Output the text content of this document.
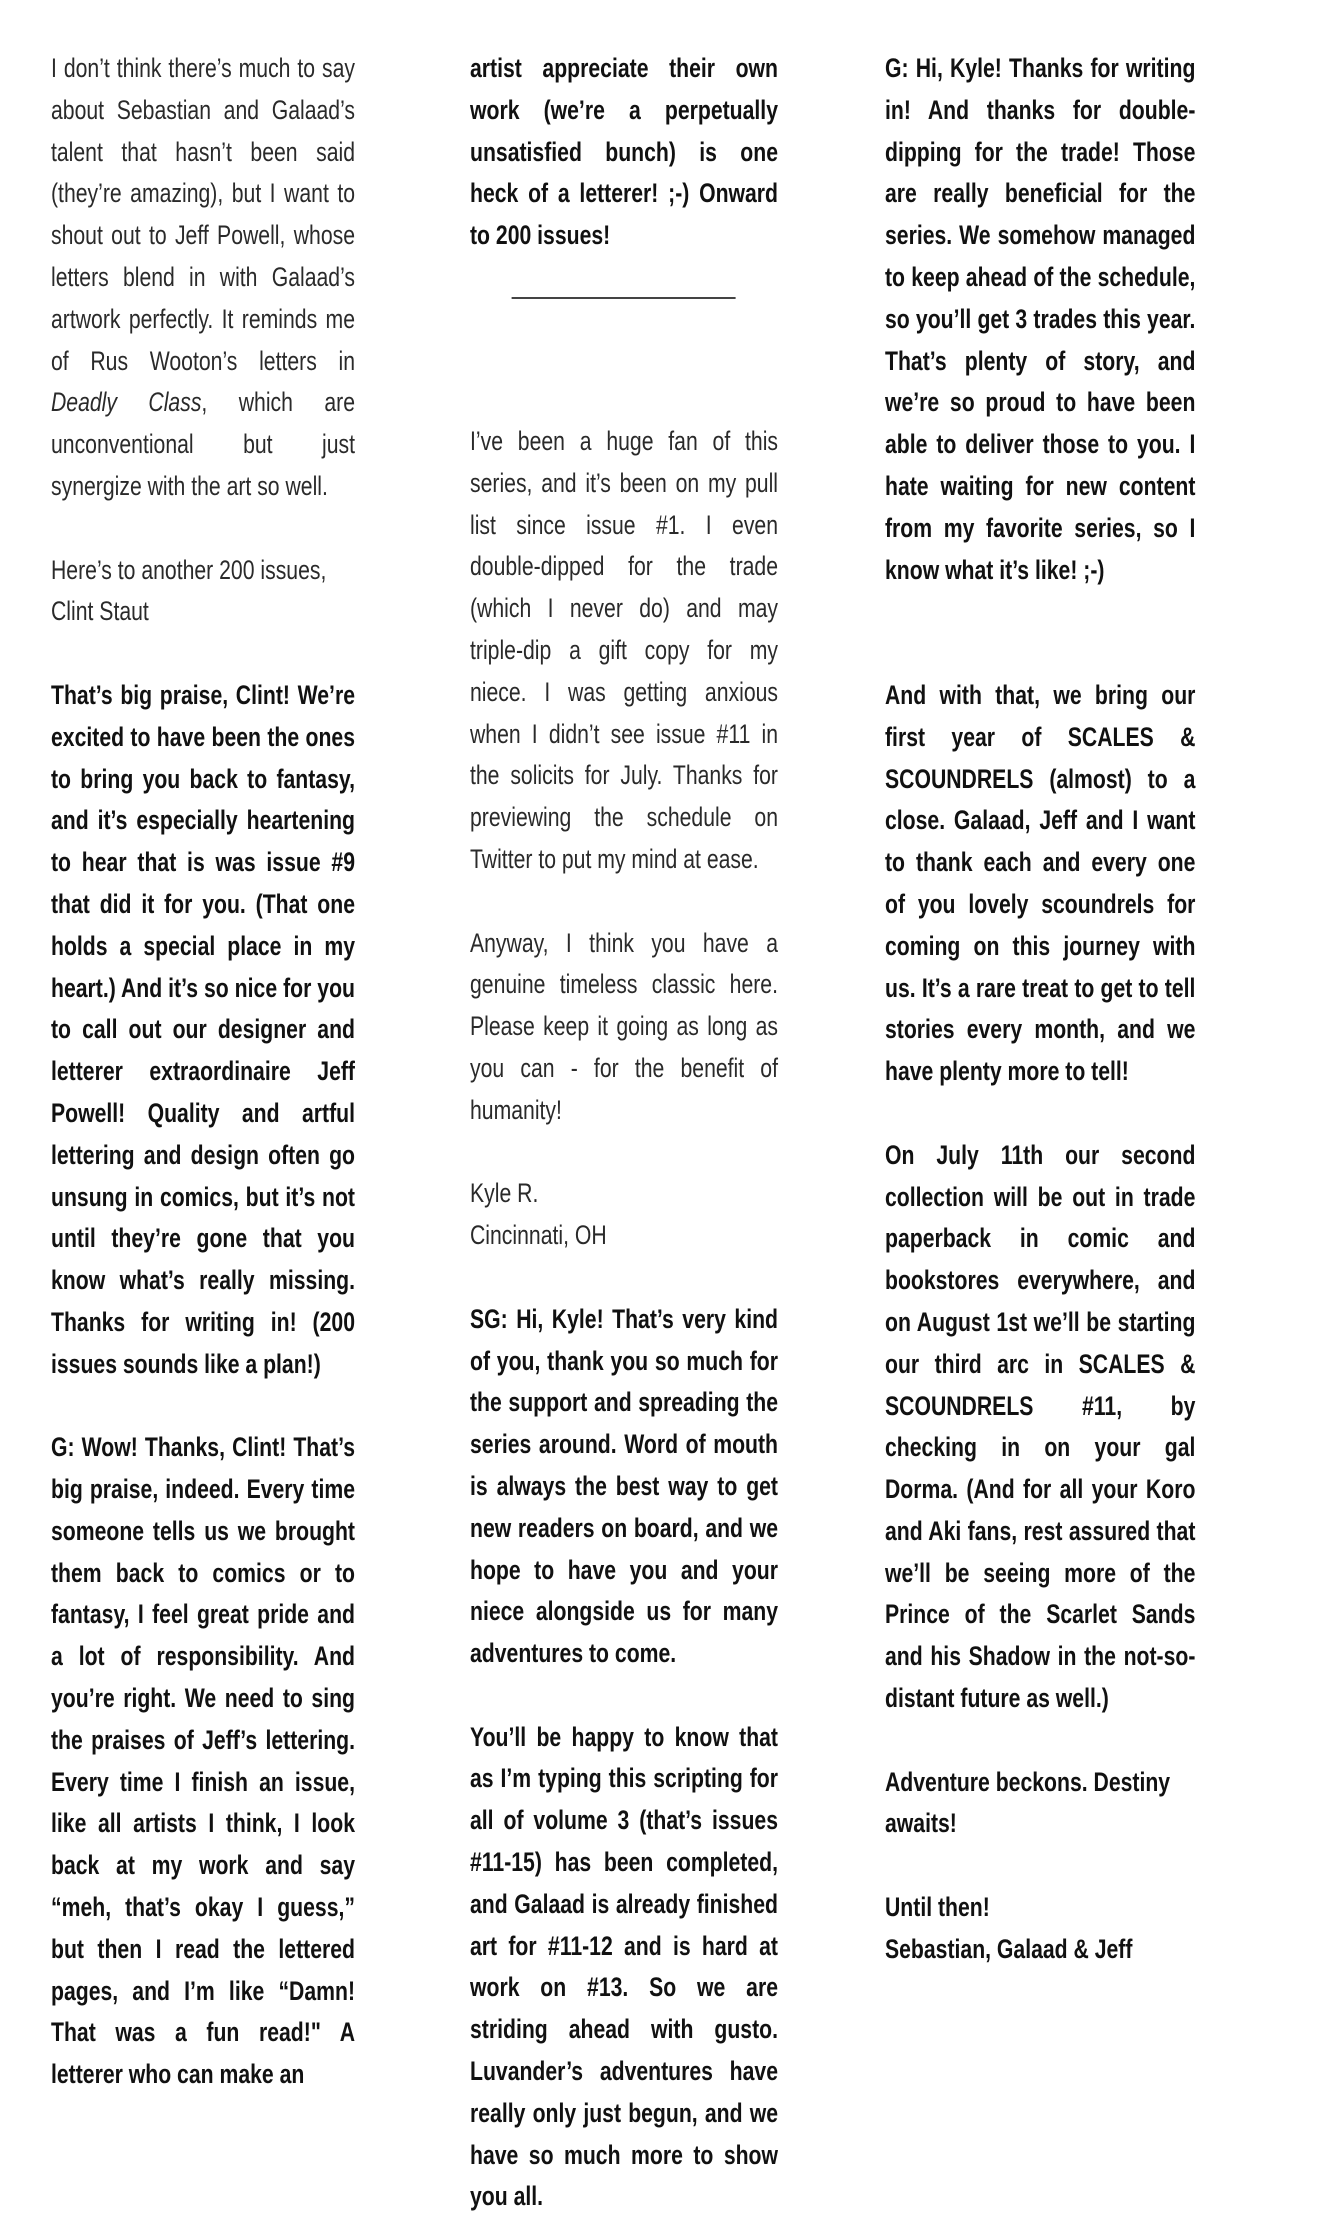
I don’t think there’s much to say about Sebastian and Galaad’s talent that hasn’t been said (they’re amazing), but I want to shout out to Jeff Powell, whose letters blend in with Galaad’s artwork perfectly. It reminds me of Rus Wooton’s letters in Deadly Class, which are unconventional but just synergize with the art so well.

Here’s to another 200 issues,

Clint Staut

That’s big praise, Clint! We’re excited to have been the ones to bring you back to fantasy, and it’s especially heartening to hear that is was issue #9 that did it for you. (That one holds a special place in my heart.) And it’s so nice for you to call out our designer and letterer extraordinaire Jeff Powell! Quality and artful lettering and design often go unsung in comics, but it’s not until they’re gone that you know what’s really missing. Thanks for writing in! (200 issues sounds like a plan!)

G: Wow! Thanks, Clint! That’s big praise, indeed. Every time someone tells us we brought them back to comics or to fantasy, I feel great pride and a lot of responsibility. And you’re right. We need to sing the praises of Jeff’s lettering. Every time I finish an issue, like all artists I think, I look back at my work and say “meh, that’s okay I guess,” but then I read the lettered pages, and I’m like “Damn! That was a fun read!" A letterer who can make an

artist appreciate their own work (we’re a perpetually unsatisfied bunch) is one heck of a letterer! ;-) Onward to 200 issues!

I’ve been a huge fan of this series, and it’s been on my pull list since issue #1. I even double-dipped for the trade (which I never do) and may triple-dip a gift copy for my niece. I was getting anxious when I didn’t see issue #11 in the solicits for July. Thanks for previewing the schedule on Twitter to put my mind at ease.

Anyway, I think you have a genuine timeless classic here. Please keep it going as long as you can - for the benefit of humanity!

Kyle R.

Cincinnati, OH

SG: Hi, Kyle! That’s very kind of you, thank you so much for the support and spreading the series around. Word of mouth is always the best way to get new readers on board, and we hope to have you and your niece alongside us for many adventures to come.

You’ll be happy to know that as I’m typing this scripting for all of volume 3 (that’s issues #11-15) has been completed, and Galaad is already finished art for #11-12 and is hard at work on #13. So we are striding ahead with gusto. Luvander’s adventures have really only just begun, and we have so much more to show you all.

G: Hi, Kyle! Thanks for writing in! And thanks for double-dipping for the trade! Those are really beneficial for the series. We somehow managed to keep ahead of the schedule, so you’ll get 3 trades this year. That’s plenty of story, and we’re so proud to have been able to deliver those to you. I hate waiting for new content from my favorite series, so I know what it’s like! ;-)

And with that, we bring our first year of SCALES & SCOUNDRELS (almost) to a close. Galaad, Jeff and I want to thank each and every one of you lovely scoundrels for coming on this journey with us. It’s a rare treat to get to tell stories every month, and we have plenty more to tell!

On July 11th our second collection will be out in trade paperback in comic and bookstores everywhere, and on August 1st we’ll be starting our third arc in SCALES & SCOUNDRELS #11, by checking in on your gal Dorma. (And for all your Koro and Aki fans, rest assured that we’ll be seeing more of the Prince of the Scarlet Sands and his Shadow in the not-so-distant future as well.)

Adventure beckons. Destiny awaits!

Until then!

Sebastian, Galaad & Jeff
